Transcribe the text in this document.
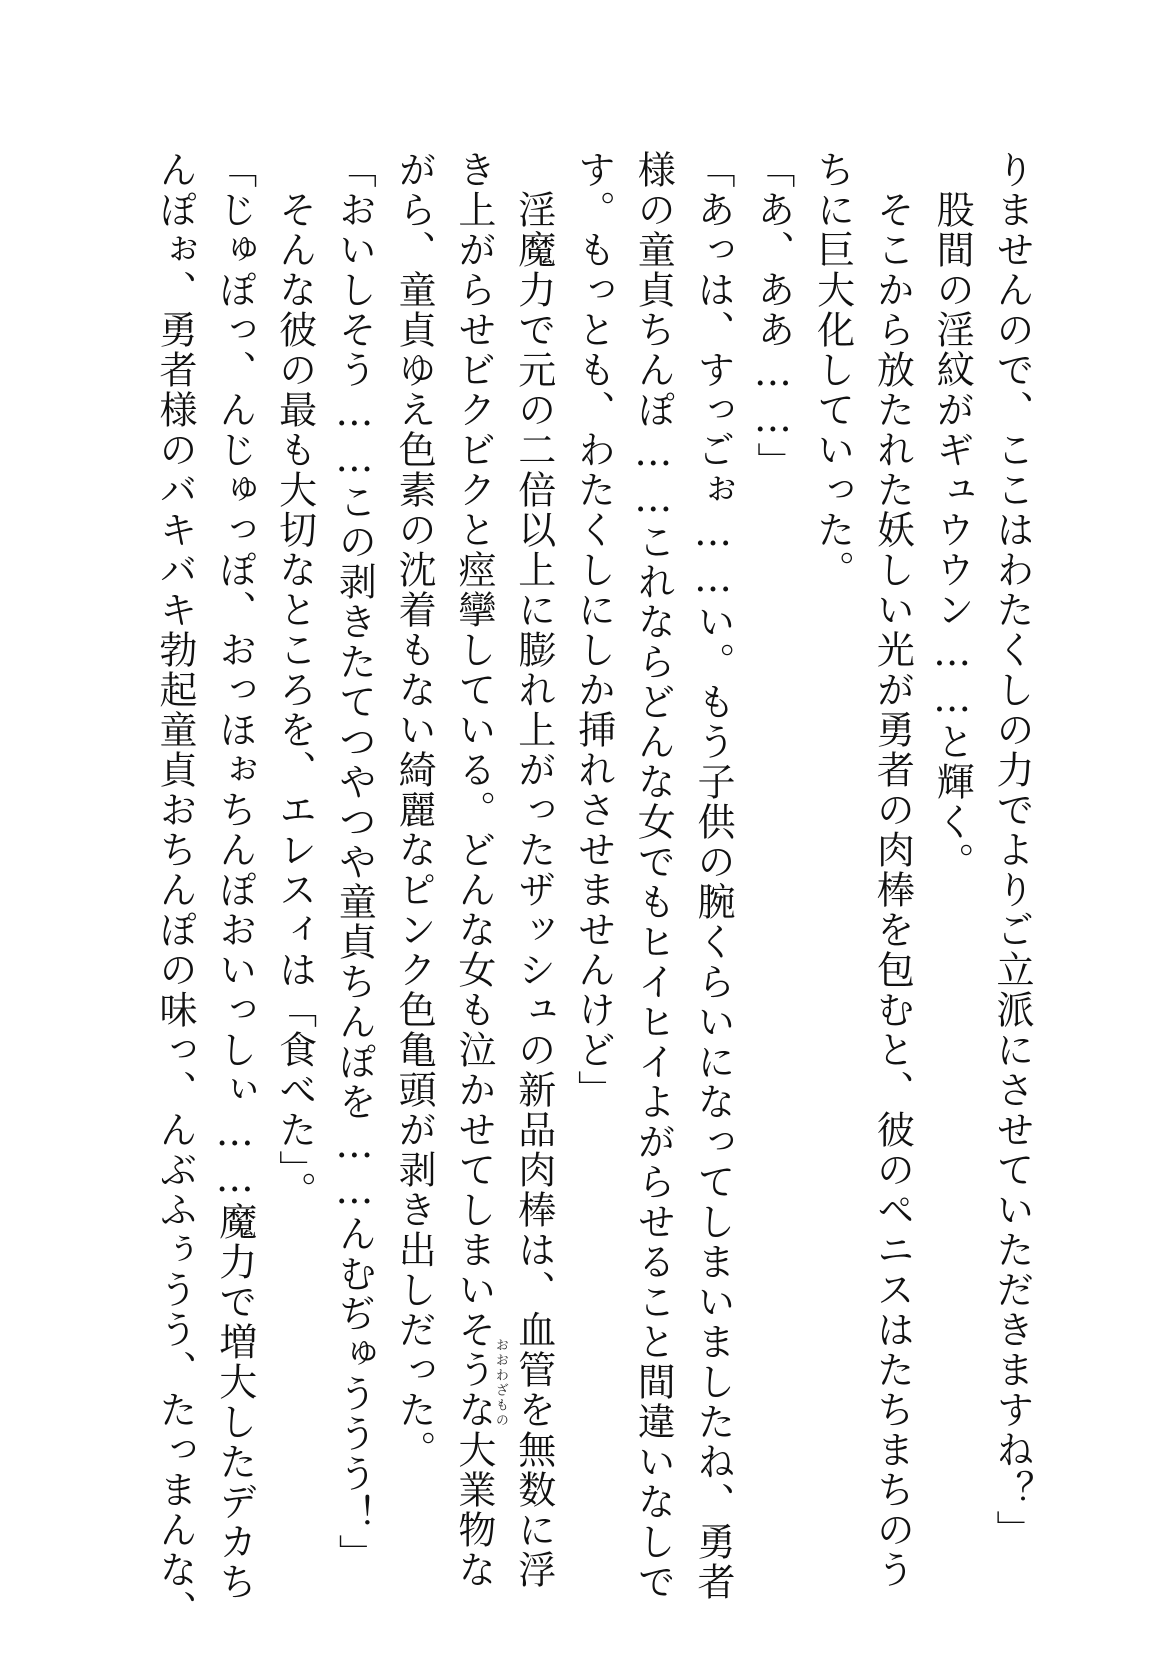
りませんので、ここはわたくしの力でよりご立派にさせていただきますね？」
　股間の淫紋がギュウウン……と輝く。
　そこから放たれた妖しい光が勇者の肉棒を包むと、彼のペニスはたちまちのう
ちに巨大化していった。
「あ、ああ……」
「あっは、すっごぉ……い。もう子供の腕くらいになってしまいましたね、勇者
様の童貞ちんぽ……これならどんな女でもヒイヒイよがらせること間違いなしで
す。もっとも、わたくしにしか挿れさせませんけど」
　淫魔力で元の二倍以上に膨れ上がったザッシュの新品肉棒は、血管を無数に浮
き上がらせビクビクと痙攣している。どんな女も泣かせてしまいそうな大業物な
おおわざもの
がら、童貞ゆえ色素の沈着もない綺麗なピンク色亀頭が剥き出しだった。
「おいしそう……この剥きたてつやつや童貞ちんぽを……んむぢゅううう！」
　そんな彼の最も大切なところを、エレスィは「食べた」。
「じゅぽっ、んじゅっぽ、おっほぉちんぽおいっしぃ……魔力で増大したデカち
んぽぉ、勇者様のバキバキ勃起童貞おちんぽの味っ、んぶふぅうう、たっまんな、
